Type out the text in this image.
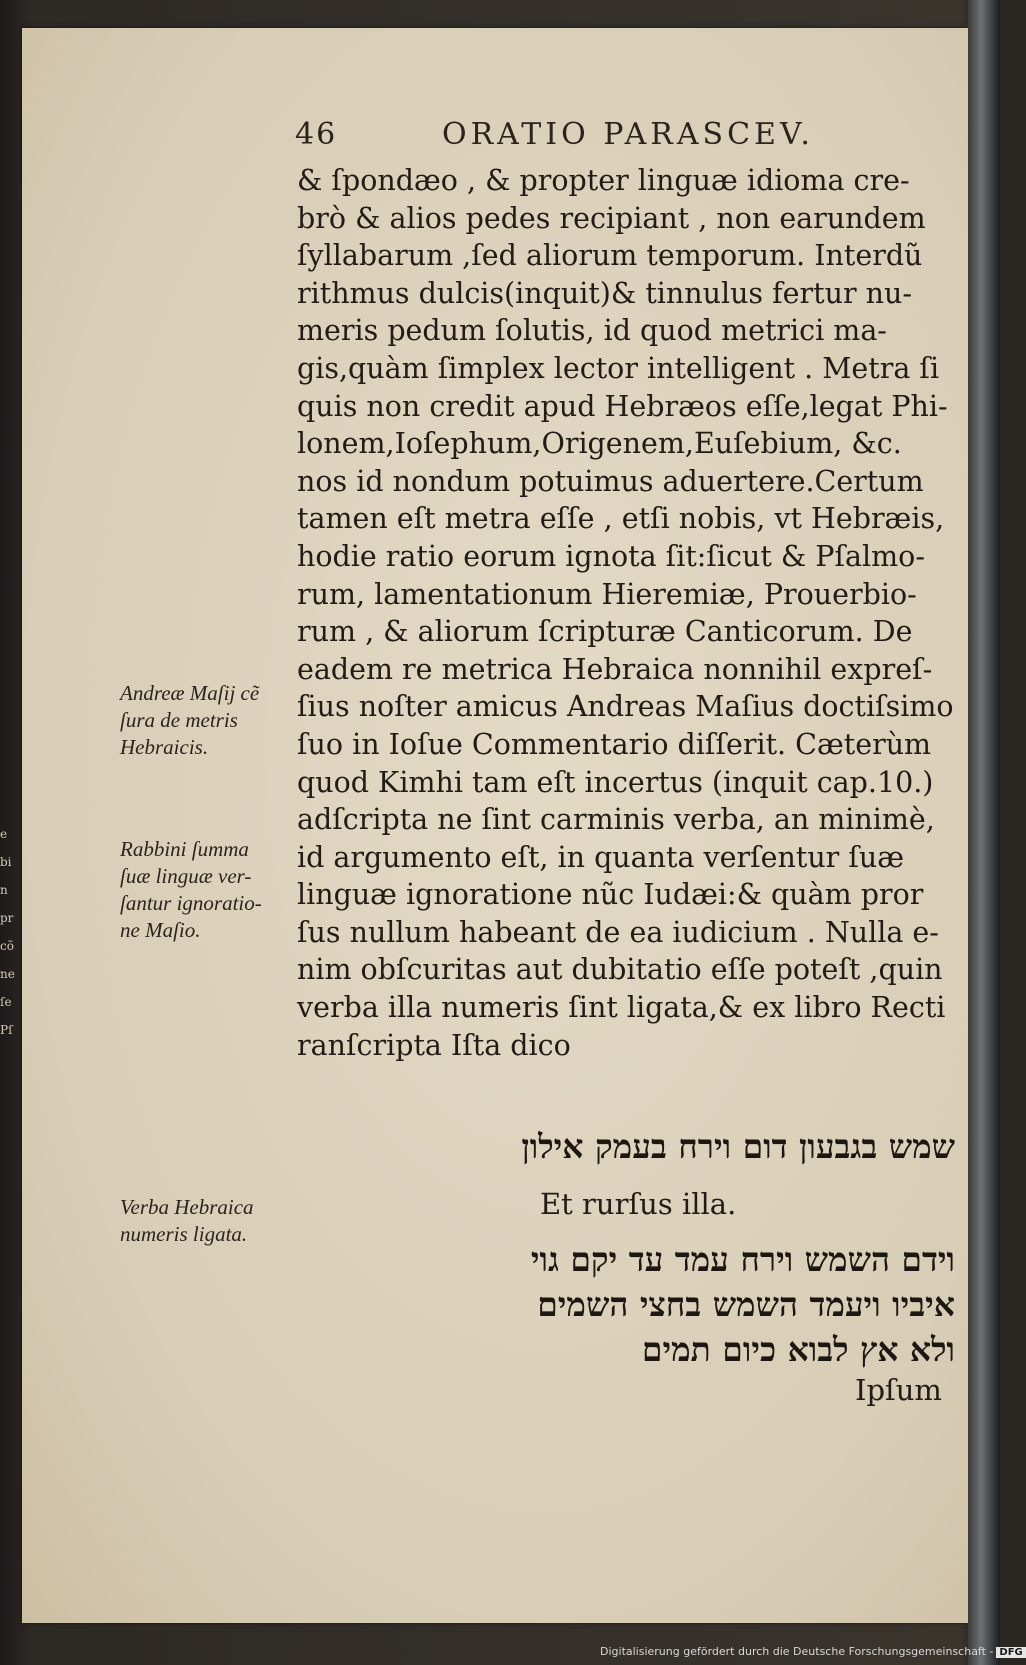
e
bi
n
pr
cõ
ne
ſe
Pſ
46	ORATIO PARASCEV.
& ſpondæo , & propter linguæ idioma cre-
brò & alios pedes recipiant , non earundem
ſyllabarum ,ſed aliorum temporum. Interdũ
rithmus dulcis(inquit)& tinnulus fertur nu-
meris pedum ſolutis, id quod metrici ma-
gis,quàm ſimplex lector intelligent . Metra ſi
quis non credit apud Hebræos eſſe,legat Phi-
lonem,Ioſephum,Origenem,Euſebium, &c.
nos id nondum potuimus aduertere.Certum
tamen eſt metra eſſe , etſi nobis, vt Hebræis,
hodie ratio eorum ignota ſit:ſicut & Pſalmo-
rum, lamentationum Hieremiæ, Prouerbio-
rum , & aliorum ſcripturæ Canticorum. De
eadem re metrica Hebraica nonnihil expreſ-
ſius noſter amicus Andreas Maſius doctiſsimo
ſuo in Ioſue Commentario diſſerit. Cæterùm
quod Kimhi tam eſt incertus (inquit cap.10.)
adſcripta ne ſint carminis verba, an minimè,
id argumento eſt, in quanta verſentur ſuæ
linguæ ignoratione nũc Iudæi:& quàm pror
ſus nullum habeant de ea iudicium . Nulla e-
nim obſcuritas aut dubitatio eſſe poteſt ,quin
verba illa numeris ſint ligata,& ex libro Recti
ranſcripta Iſta dico
Andreæ Maſij cẽ
ſura de metris
Hebraicis.
Rabbini ſumma
ſuæ linguæ ver-
ſantur ignoratio-
ne Maſio.
Verba Hebraica
numeris ligata.
שמש בגבעון דום וירח בעמק אילון
Et rurſus illa.
וידם השמש וירח עמד עד יקם גוי
איביו ויעמד השמש בחצי השמים
ולא אץ לבוא כיום תמים
Ipſum
Digitalisierung gefördert durch die Deutsche Forschungsgemeinschaft - DFG
